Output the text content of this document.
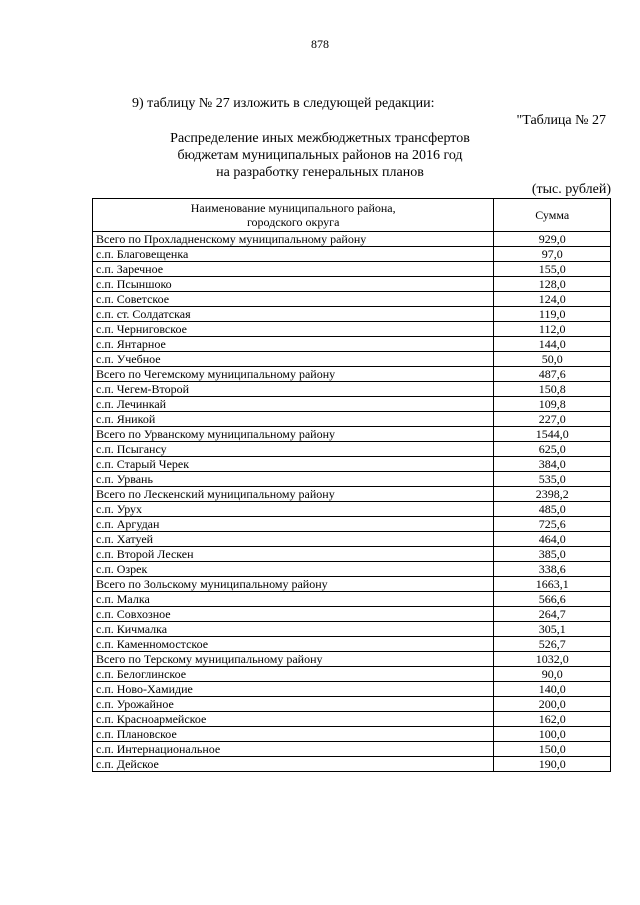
878
9) таблицу № 27 изложить в следующей редакции:
"Таблица № 27
Распределение иных межбюджетных трансфертов
бюджетам муниципальных районов на 2016 год
на разработку генеральных планов
(тыс. рублей)
Наименование муниципального района,
городского округа	Сумма
Всего по Прохладненскому муниципальному району	929,0
с.п. Благовещенка	97,0
с.п. Заречное	155,0
с.п. Псыншоко	128,0
с.п. Советское	124,0
с.п. ст. Солдатская	119,0
с.п. Черниговское	112,0
с.п. Янтарное	144,0
с.п. Учебное	50,0
Всего по Чегемскому муниципальному району	487,6
с.п. Чегем-Второй	150,8
с.п. Лечинкай	109,8
с.п. Яникой	227,0
Всего по Урванскому муниципальному району	1544,0
с.п. Псыгансу	625,0
с.п. Старый Черек	384,0
с.п. Урвань	535,0
Всего по Лескенский муниципальному району	2398,2
с.п. Урух	485,0
с.п. Аргудан	725,6
с.п. Хатуей	464,0
с.п. Второй Лескен	385,0
с.п. Озрек	338,6
Всего по Зольскому муниципальному району	1663,1
с.п. Малка	566,6
с.п. Совхозное	264,7
с.п. Кичмалка	305,1
с.п. Каменномостское	526,7
Всего по Терскому муниципальному району	1032,0
с.п. Белоглинское	90,0
с.п. Ново-Хамидие	140,0
с.п. Урожайное	200,0
с.п. Красноармейское	162,0
с.п. Плановское	100,0
с.п. Интернациональное	150,0
с.п. Дейское	190,0
